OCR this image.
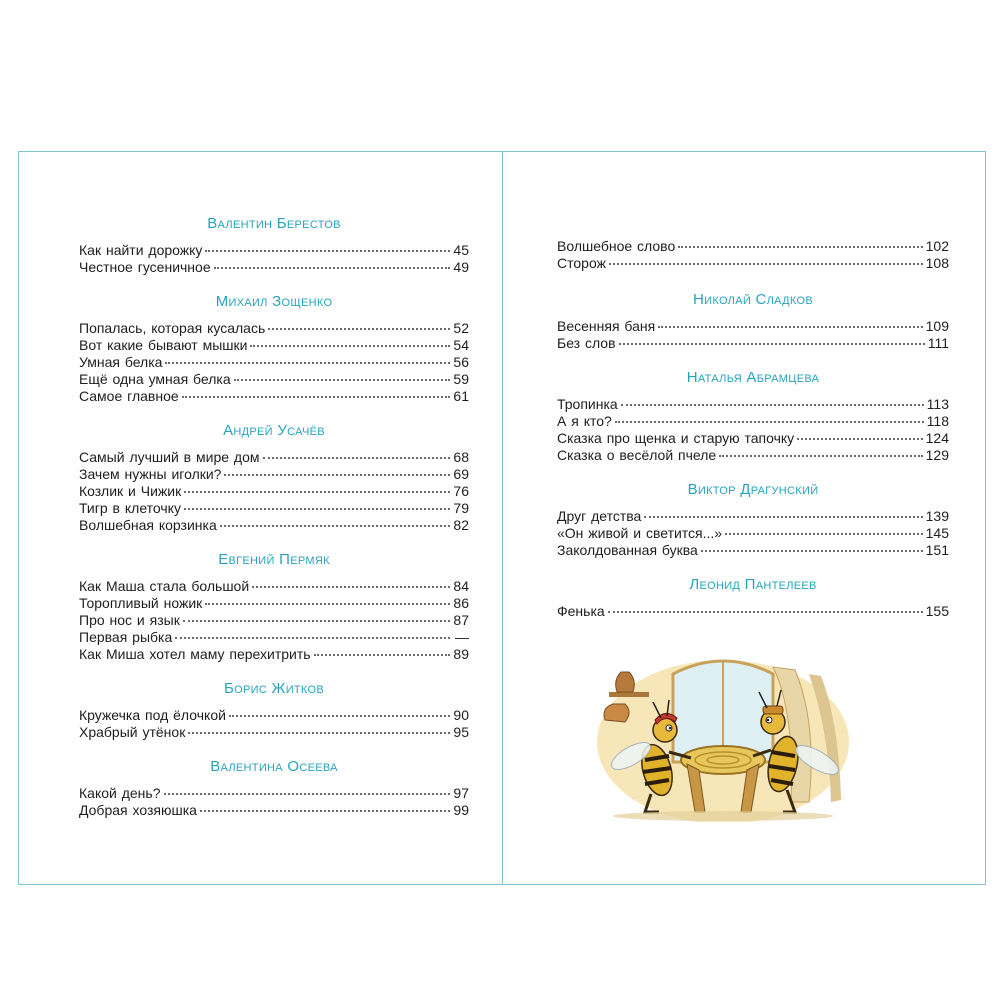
Валентин Берестов
Как найти дорожку	45
Честное гусеничное	49
Михаил Зощенко
Попалась, которая кусалась	52
Вот какие бывают мышки	54
Умная белка	56
Ещё одна умная белка	59
Самое главное	61
Андрей Усачёв
Самый лучший в мире дом	68
Зачем нужны иголки?	69
Козлик и Чижик	76
Тигр в клеточку	79
Волшебная корзинка	82
Евгений Пермяк
Как Маша стала большой	84
Торопливый ножик	86
Про нос и язык	87
Первая рыбка	—
Как Миша хотел маму перехитрить	89
Борис Житков
Кружечка под ёлочкой	90
Храбрый утёнок	95
Валентина Осеева
Какой день?	97
Добрая хозяюшка	99
Волшебное слово	102
Сторож	108
Николай Сладков
Весенняя баня	109
Без слов	111
Наталья Абрамцева
Тропинка	113
А я кто?	118
Сказка про щенка и старую тапочку	124
Сказка о весёлой пчеле	129
Виктор Драгунский
Друг детства	139
«Он живой и светится...»	145
Заколдованная буква	151
Леонид Пантелеев
Фенька	155
